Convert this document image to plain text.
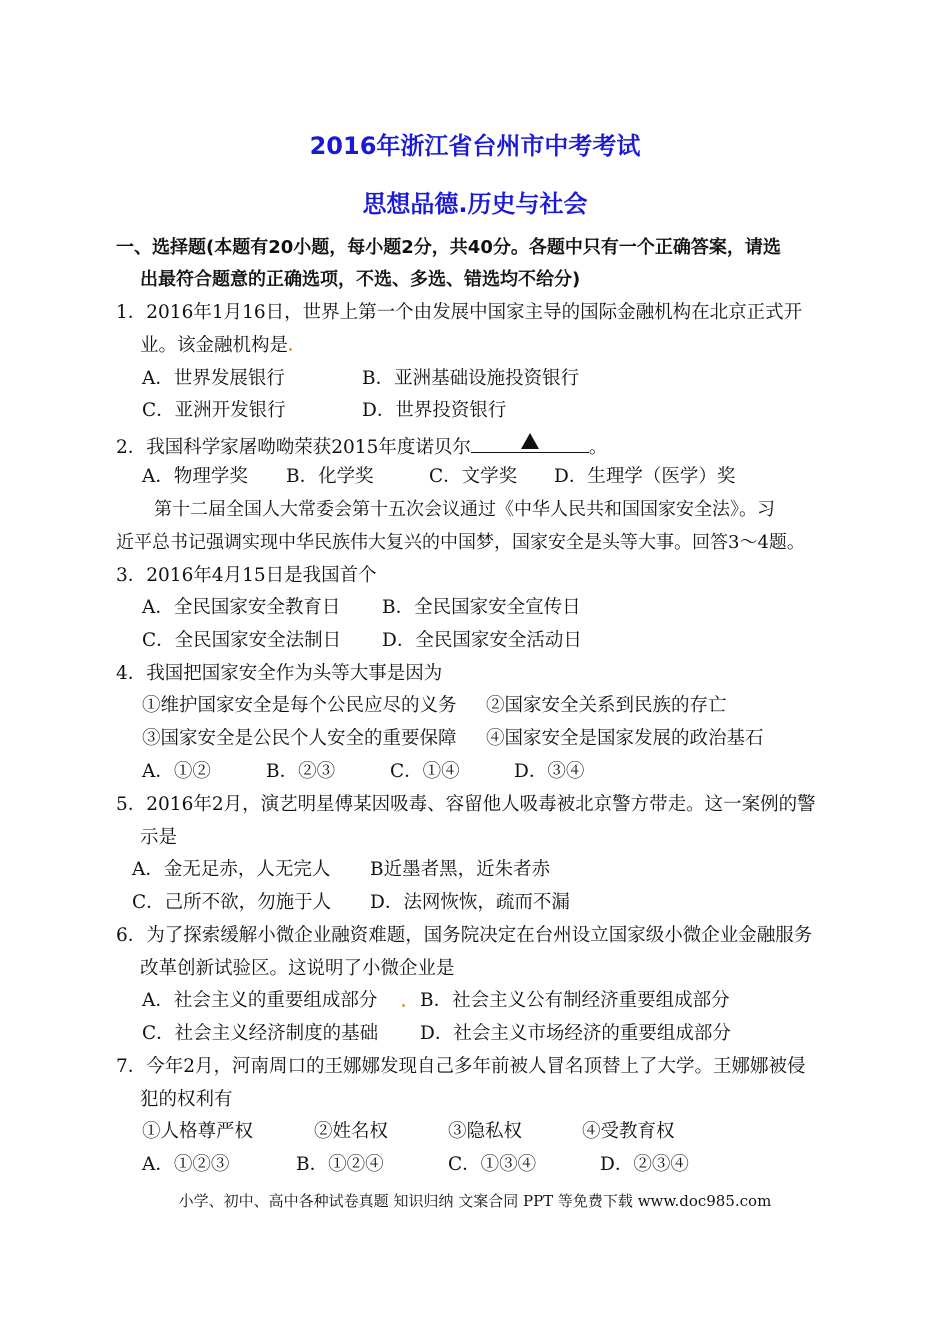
2016年浙江省台州市中考考试
思想品德.历史与社会
一、选择题(本题有20小题，每小题2分，共40分。各题中只有一个正确答案，请选
出最符合题意的正确选项，不选、多选、错选均不给分)
1．2016年1月16日，世界上第一个由发展中国家主导的国际金融机构在北京正式开
业。该金融机构是
A．世界发展银行	B．亚洲基础设施投资银行
C．亚洲开发银行	D．世界投资银行
2．我国科学家屠呦呦荣获2015年度诺贝尔	。
A．物理学奖 B．化学奖	C．文学奖 D．生理学（医学）奖
第十二届全国人大常委会第十五次会议通过《中华人民共和国国家安全法》。习
近平总书记强调实现中华民族伟大复兴的中国梦，国家安全是头等大事。回答3～4题。
3．2016年4月15日是我国首个
A．全民国家安全教育日 B．全民国家安全宣传日
C．全民国家安全法制日 D．全民国家安全活动日
4．我国把国家安全作为头等大事是因为
①维护国家安全是每个公民应尽的义务 ②国家安全关系到民族的存亡
③国家安全是公民个人安全的重要保障 ④国家安全是国家发展的政治基石
A．①②	B．②③	C．①④	D．③④
5．2016年2月，演艺明星傅某因吸毒、容留他人吸毒被北京警方带走。这一案例的警
示是
A．金无足赤，人无完人 B近墨者黑，近朱者赤
C．己所不欲，勿施于人 D．法网恢恢，疏而不漏
6．为了探索缓解小微企业融资难题，国务院决定在台州设立国家级小微企业金融服务
改革创新试验区。这说明了小微企业是
A．社会主义的重要组成部分 B．社会主义公有制经济重要组成部分
C．社会主义经济制度的基础 D．社会主义市场经济的重要组成部分
7．今年2月，河南周口的王娜娜发现自己多年前被人冒名顶替上了大学。王娜娜被侵
犯的权利有
①人格尊严权	②姓名权	③隐私权	④受教育权
A．①②③	B．①②④	C．①③④	D．②③④
小学、初中、高中各种试卷真题 知识归纳 文案合同 PPT 等免费下载 www.doc985.com
